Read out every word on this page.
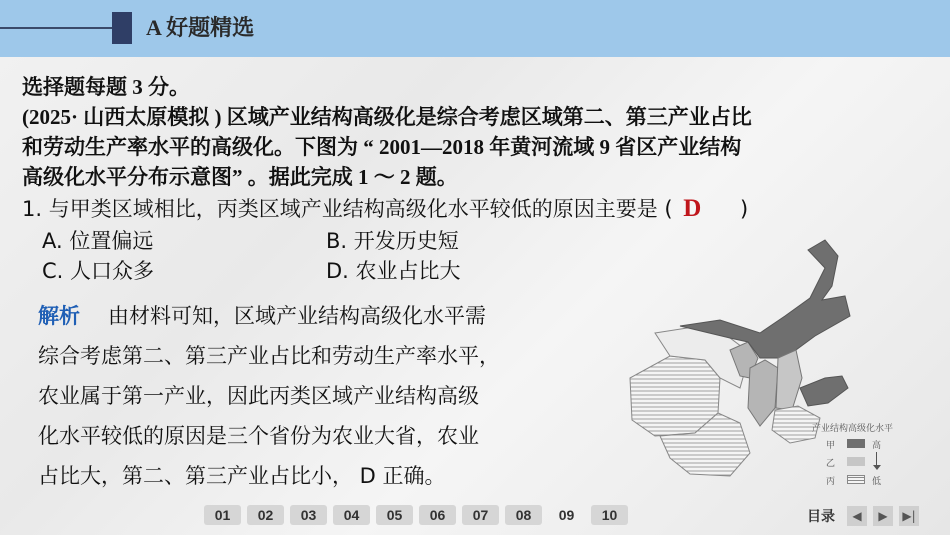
A 好题精选
选择题每题 3 分。
(2025· 山西太原模拟 ) 区域产业结构高级化是综合考虑区域第二、第三产业占比
和劳动生产率水平的高级化。下图为 “ 2001—2018 年黄河流域 9 省区产业结构
高级化水平分布示意图” 。据此完成 1 ～ 2 题。
1. 与甲类区域相比，丙类区域产业结构高级化水平较低的原因主要是 ( D )
A. 位置偏远	B. 开发历史短
C. 人口众多	D. 农业占比大
解析 由材料可知，区域产业结构高级化水平需
综合考虑第二、第三产业占比和劳动生产率水平，
农业属于第一产业，因此丙类区域产业结构高级
化水平较低的原因是三个省份为农业大省，农业
占比大，第二、第三产业占比小， D 正确。
产业结构高级化水平
甲	高
乙
丙	低
01	02	03	04	05	06	07	08	09	10	目录	◀	▶	▶|
